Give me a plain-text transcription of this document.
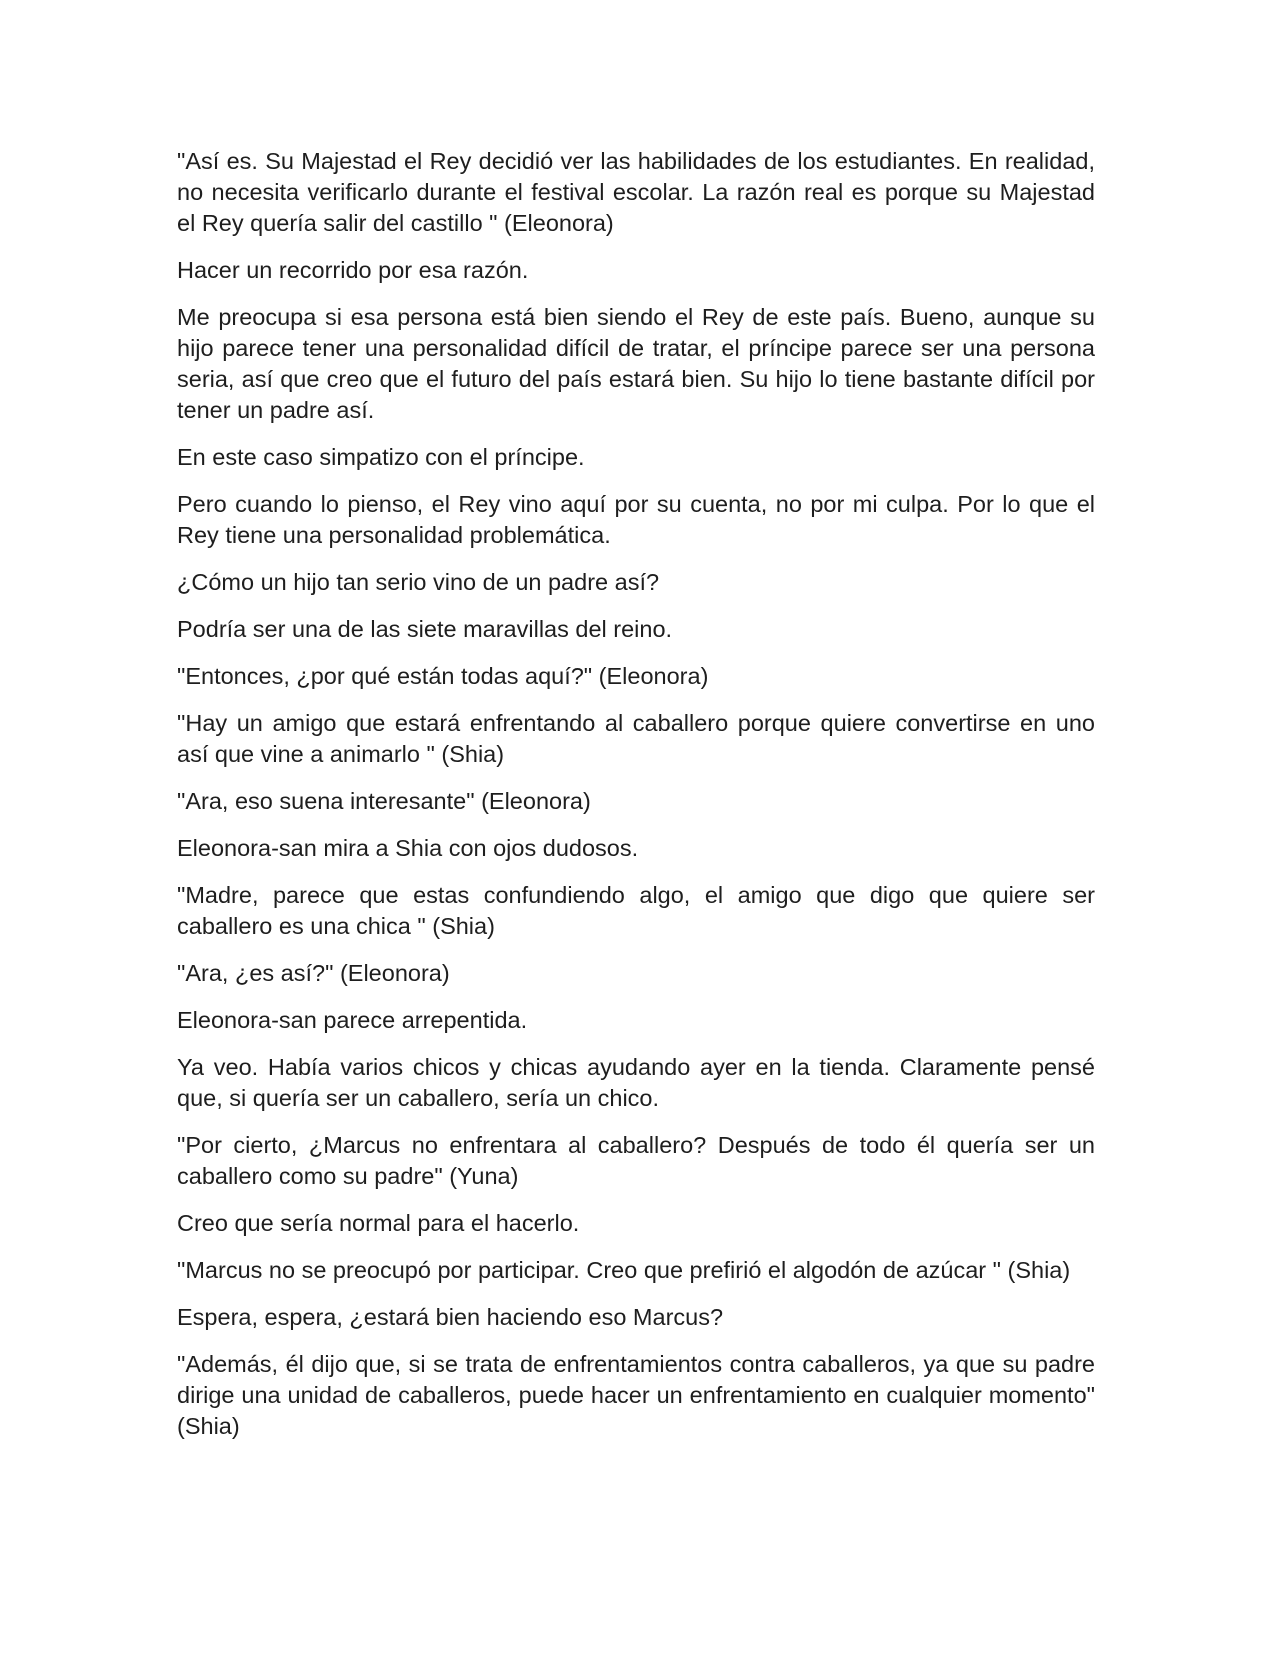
"Así es. Su Majestad el Rey decidió ver las habilidades de los estudiantes. En realidad, no necesita verificarlo durante el festival escolar. La razón real es porque su Majestad el Rey quería salir del castillo " (Eleonora)

Hacer un recorrido por esa razón.

Me preocupa si esa persona está bien siendo el Rey de este país. Bueno, aunque su hijo parece tener una personalidad difícil de tratar, el príncipe parece ser una persona seria, así que creo que el futuro del país estará bien. Su hijo lo tiene bastante difícil por tener un padre así.

En este caso simpatizo con el príncipe.

Pero cuando lo pienso, el Rey vino aquí por su cuenta, no por mi culpa. Por lo que el Rey tiene una personalidad problemática.

¿Cómo un hijo tan serio vino de un padre así?

Podría ser una de las siete maravillas del reino.

"Entonces, ¿por qué están todas aquí?" (Eleonora)

"Hay un amigo que estará enfrentando al caballero porque quiere convertirse en uno así que vine a animarlo " (Shia)

"Ara, eso suena interesante" (Eleonora)

Eleonora-san mira a Shia con ojos dudosos.

"Madre, parece que estas confundiendo algo, el amigo que digo que quiere ser caballero es una chica " (Shia)

"Ara, ¿es así?" (Eleonora)

Eleonora-san parece arrepentida.

Ya veo. Había varios chicos y chicas ayudando ayer en la tienda. Claramente pensé que, si quería ser un caballero, sería un chico.

"Por cierto, ¿Marcus no enfrentara al caballero? Después de todo él quería ser un caballero como su padre" (Yuna)

Creo que sería normal para el hacerlo.

"Marcus no se preocupó por participar. Creo que prefirió el algodón de azúcar " (Shia)

Espera, espera, ¿estará bien haciendo eso Marcus?

"Además, él dijo que, si se trata de enfrentamientos contra caballeros, ya que su padre dirige una unidad de caballeros, puede hacer un enfrentamiento en cualquier momento" (Shia)
